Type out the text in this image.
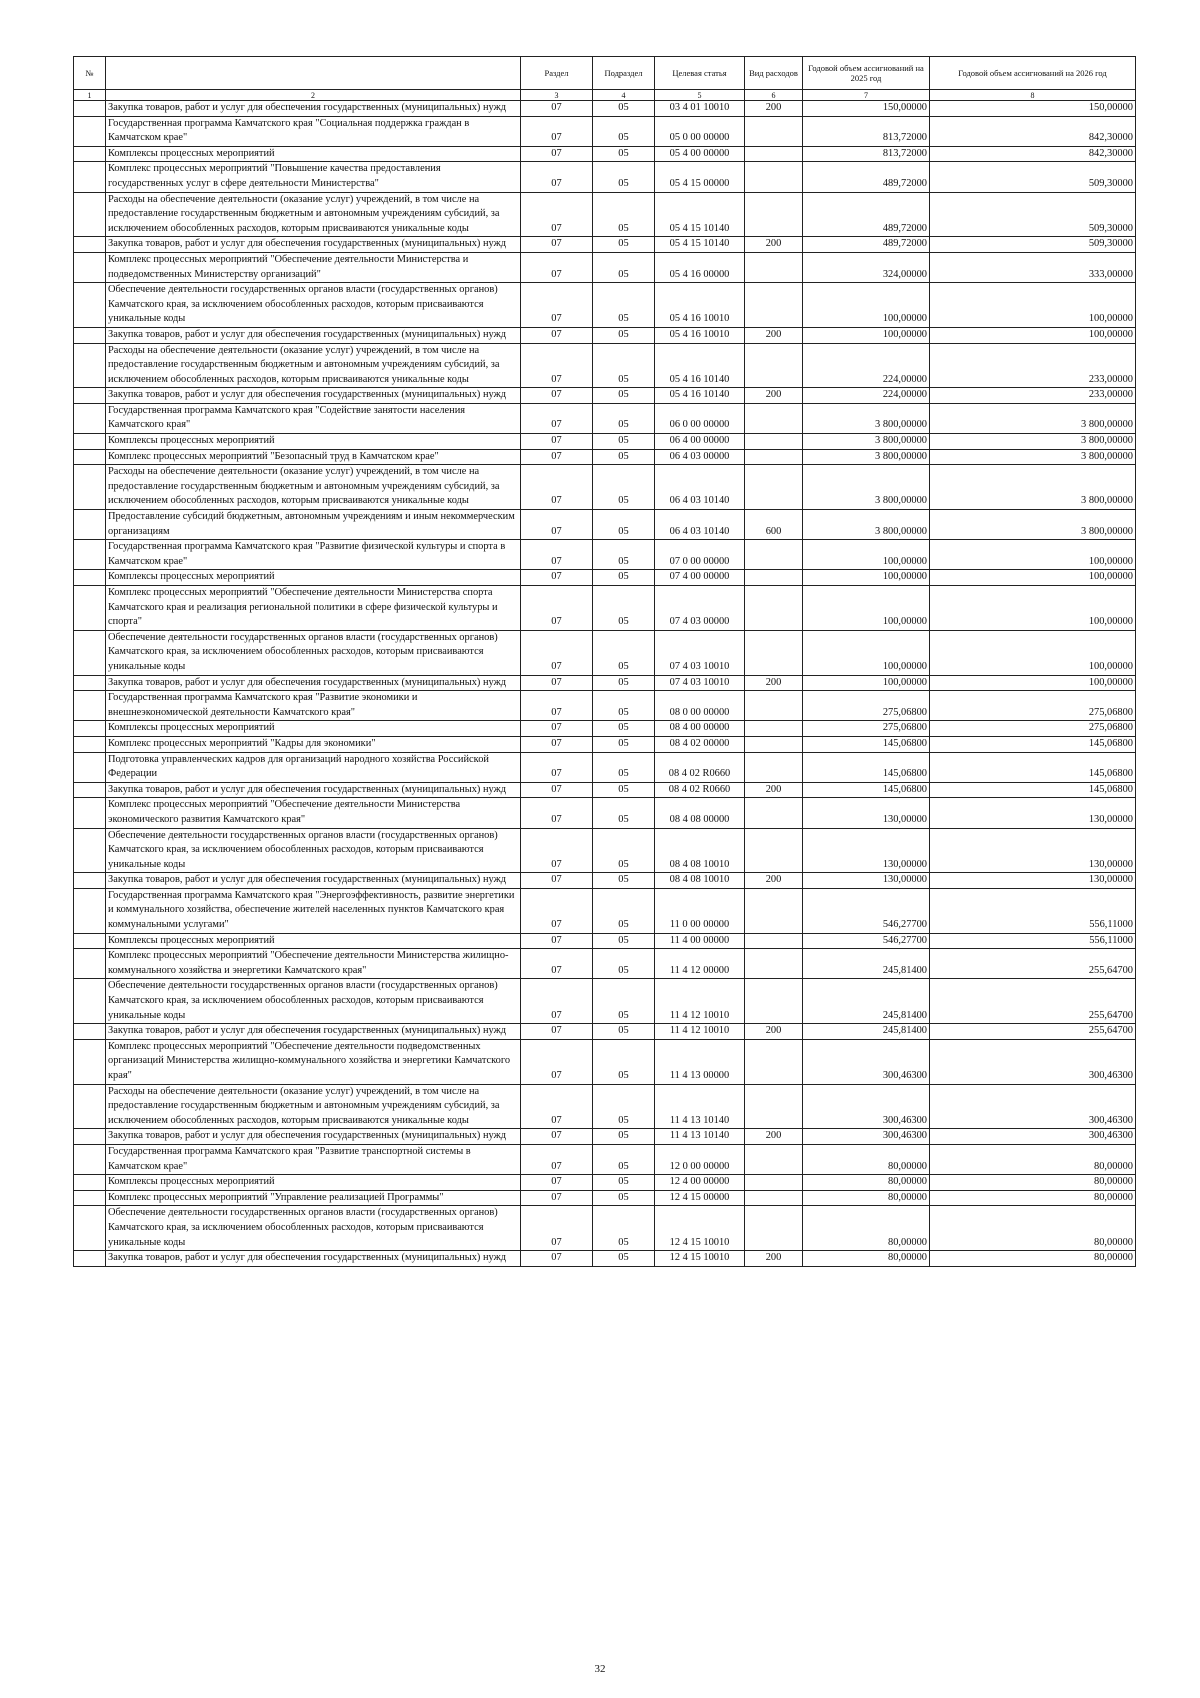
№		Раздел	Подраздел	Целевая статья	Вид расходов	Годовой объем ассигнований на 2025 год	Годовой объем ассигнований на 2026 год
1	2	3	4	5	6	7	8
	Закупка товаров, работ и услуг для обеспечения государственных (муниципальных) нужд	07	05	03 4 01 10010	200	150,00000	150,00000
	Государственная программа Камчатского края "Социальная поддержка граждан в Камчатском крае"	07	05	05 0 00 00000		813,72000	842,30000
	Комплексы процессных мероприятий	07	05	05 4 00 00000		813,72000	842,30000
	Комплекс процессных мероприятий "Повышение качества предоставления государственных услуг в сфере деятельности Министерства"	07	05	05 4 15 00000		489,72000	509,30000
	Расходы на обеспечение деятельности (оказание услуг) учреждений, в том числе на предоставление государственным бюджетным и автономным учреждениям субсидий, за исключением обособленных расходов, которым присваиваются уникальные коды	07	05	05 4 15 10140		489,72000	509,30000
	Закупка товаров, работ и услуг для обеспечения государственных (муниципальных) нужд	07	05	05 4 15 10140	200	489,72000	509,30000
	Комплекс процессных мероприятий "Обеспечение деятельности Министерства и подведомственных Министерству организаций"	07	05	05 4 16 00000		324,00000	333,00000
	Обеспечение деятельности государственных органов власти (государственных органов) Камчатского края, за исключением обособленных расходов, которым присваиваются уникальные коды	07	05	05 4 16 10010		100,00000	100,00000
	Закупка товаров, работ и услуг для обеспечения государственных (муниципальных) нужд	07	05	05 4 16 10010	200	100,00000	100,00000
	Расходы на обеспечение деятельности (оказание услуг) учреждений, в том числе на предоставление государственным бюджетным и автономным учреждениям субсидий, за исключением обособленных расходов, которым присваиваются уникальные коды	07	05	05 4 16 10140		224,00000	233,00000
	Закупка товаров, работ и услуг для обеспечения государственных (муниципальных) нужд	07	05	05 4 16 10140	200	224,00000	233,00000
	Государственная программа Камчатского края "Содействие занятости населения Камчатского края"	07	05	06 0 00 00000		3 800,00000	3 800,00000
	Комплексы процессных мероприятий	07	05	06 4 00 00000		3 800,00000	3 800,00000
	Комплекс процессных мероприятий "Безопасный труд в Камчатском крае"	07	05	06 4 03 00000		3 800,00000	3 800,00000
	Расходы на обеспечение деятельности (оказание услуг) учреждений, в том числе на предоставление государственным бюджетным и автономным учреждениям субсидий, за исключением обособленных расходов, которым присваиваются уникальные коды	07	05	06 4 03 10140		3 800,00000	3 800,00000
	Предоставление субсидий бюджетным, автономным учреждениям и иным некоммерческим организациям	07	05	06 4 03 10140	600	3 800,00000	3 800,00000
	Государственная программа Камчатского края "Развитие физической культуры и спорта в Камчатском крае"	07	05	07 0 00 00000		100,00000	100,00000
	Комплексы процессных мероприятий	07	05	07 4 00 00000		100,00000	100,00000
	Комплекс процессных мероприятий "Обеспечение деятельности Министерства спорта Камчатского края и реализация региональной политики в сфере физической культуры и спорта"	07	05	07 4 03 00000		100,00000	100,00000
	Обеспечение деятельности государственных органов власти (государственных органов) Камчатского края, за исключением обособленных расходов, которым присваиваются уникальные коды	07	05	07 4 03 10010		100,00000	100,00000
	Закупка товаров, работ и услуг для обеспечения государственных (муниципальных) нужд	07	05	07 4 03 10010	200	100,00000	100,00000
	Государственная программа Камчатского края "Развитие экономики и внешнеэкономической деятельности Камчатского края"	07	05	08 0 00 00000		275,06800	275,06800
	Комплексы процессных мероприятий	07	05	08 4 00 00000		275,06800	275,06800
	Комплекс процессных мероприятий "Кадры для экономики"	07	05	08 4 02 00000		145,06800	145,06800
	Подготовка управленческих кадров для организаций народного хозяйства Российской Федерации	07	05	08 4 02 R0660		145,06800	145,06800
	Закупка товаров, работ и услуг для обеспечения государственных (муниципальных) нужд	07	05	08 4 02 R0660	200	145,06800	145,06800
	Комплекс процессных мероприятий "Обеспечение деятельности Министерства экономического развития Камчатского края"	07	05	08 4 08 00000		130,00000	130,00000
	Обеспечение деятельности государственных органов власти (государственных органов) Камчатского края, за исключением обособленных расходов, которым присваиваются уникальные коды	07	05	08 4 08 10010		130,00000	130,00000
	Закупка товаров, работ и услуг для обеспечения государственных (муниципальных) нужд	07	05	08 4 08 10010	200	130,00000	130,00000
	Государственная программа Камчатского края "Энергоэффективность, развитие энергетики и коммунального хозяйства, обеспечение жителей населенных пунктов Камчатского края коммунальными услугами"	07	05	11 0 00 00000		546,27700	556,11000
	Комплексы процессных мероприятий	07	05	11 4 00 00000		546,27700	556,11000
	Комплекс процессных мероприятий "Обеспечение деятельности Министерства жилищно-коммунального хозяйства и энергетики Камчатского края"	07	05	11 4 12 00000		245,81400	255,64700
	Обеспечение деятельности государственных органов власти (государственных органов) Камчатского края, за исключением обособленных расходов, которым присваиваются уникальные коды	07	05	11 4 12 10010		245,81400	255,64700
	Закупка товаров, работ и услуг для обеспечения государственных (муниципальных) нужд	07	05	11 4 12 10010	200	245,81400	255,64700
	Комплекс процессных мероприятий "Обеспечение деятельности подведомственных организаций Министерства жилищно-коммунального хозяйства и энергетики Камчатского края"	07	05	11 4 13 00000		300,46300	300,46300
	Расходы на обеспечение деятельности (оказание услуг) учреждений, в том числе на предоставление государственным бюджетным и автономным учреждениям субсидий, за исключением обособленных расходов, которым присваиваются уникальные коды	07	05	11 4 13 10140		300,46300	300,46300
	Закупка товаров, работ и услуг для обеспечения государственных (муниципальных) нужд	07	05	11 4 13 10140	200	300,46300	300,46300
	Государственная программа Камчатского края "Развитие транспортной системы в Камчатском крае"	07	05	12 0 00 00000		80,00000	80,00000
	Комплексы процессных мероприятий	07	05	12 4 00 00000		80,00000	80,00000
	Комплекс процессных мероприятий "Управление реализацией Программы"	07	05	12 4 15 00000		80,00000	80,00000
	Обеспечение деятельности государственных органов власти (государственных органов) Камчатского края, за исключением обособленных расходов, которым присваиваются уникальные коды	07	05	12 4 15 10010		80,00000	80,00000
	Закупка товаров, работ и услуг для обеспечения государственных (муниципальных) нужд	07	05	12 4 15 10010	200	80,00000	80,00000
32
